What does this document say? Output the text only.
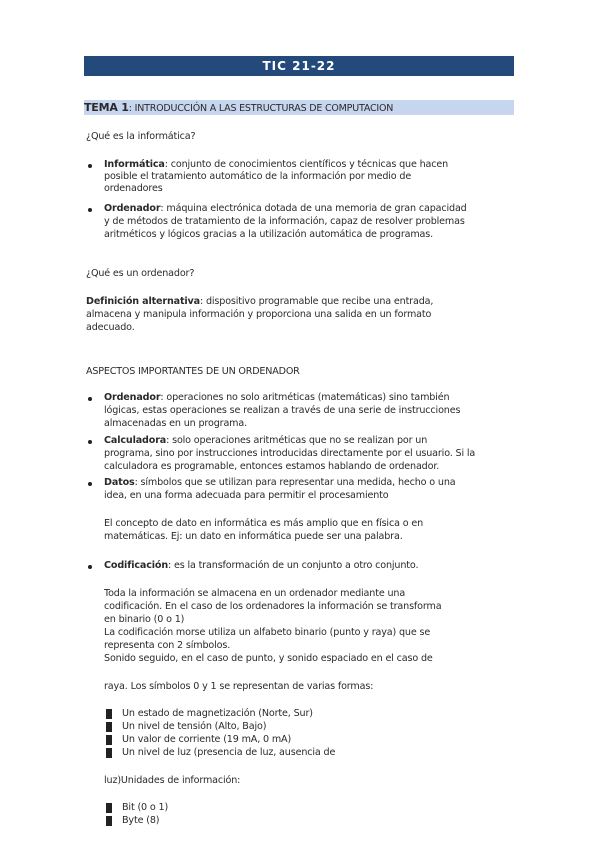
TIC 21-22
TEMA 1: INTRODUCCIÓN A LAS ESTRUCTURAS DE COMPUTACION
¿Qué es la informática?
Informática: conjunto de conocimientos científicos y técnicas que hacen
posible el tratamiento automático de la información por medio de
ordenadores
Ordenador: máquina electrónica dotada de una memoria de gran capacidad
y de métodos de tratamiento de la información, capaz de resolver problemas
aritméticos y lógicos gracias a la utilización automática de programas.
¿Qué es un ordenador?
Definición alternativa: dispositivo programable que recibe una entrada,
almacena y manipula información y proporciona una salida en un formato
adecuado.
ASPECTOS IMPORTANTES DE UN ORDENADOR
Ordenador: operaciones no solo aritméticas (matemáticas) sino también
lógicas, estas operaciones se realizan a través de una serie de instrucciones
almacenadas en un programa.
Calculadora: solo operaciones aritméticas que no se realizan por un
programa, sino por instrucciones introducidas directamente por el usuario. Si la
calculadora es programable, entonces estamos hablando de ordenador.
Datos: símbolos que se utilizan para representar una medida, hecho o una
idea, en una forma adecuada para permitir el procesamiento
El concepto de dato en informática es más amplio que en física o en
matemáticas. Ej: un dato en informática puede ser una palabra.
Codificación: es la transformación de un conjunto a otro conjunto.
Toda la información se almacena en un ordenador mediante una
codificación. En el caso de los ordenadores la información se transforma
en binario (0 o 1)
La codificación morse utiliza un alfabeto binario (punto y raya) que se
representa con 2 símbolos.
Sonido seguido, en el caso de punto, y sonido espaciado en el caso de
raya. Los símbolos 0 y 1 se representan de varias formas:
Un estado de magnetización (Norte, Sur)
Un nivel de tensión (Alto, Bajo)
Un valor de corriente (19 mA, 0 mA)
Un nivel de luz (presencia de luz, ausencia de
luz)Unidades de información:
Bit (0 o 1)
Byte (8)
